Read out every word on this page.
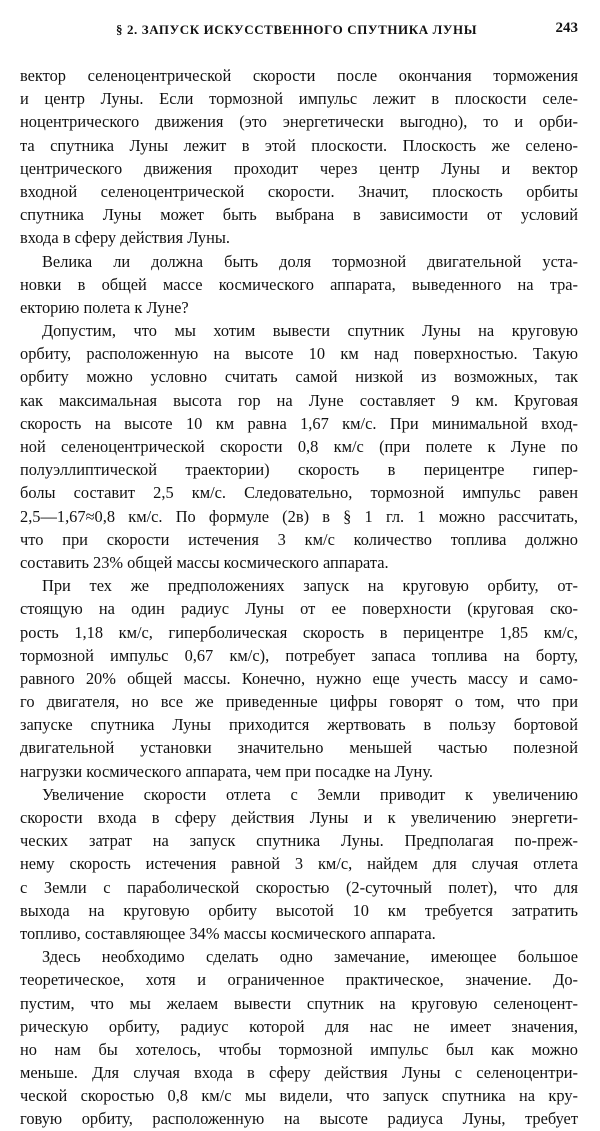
§ 2. ЗАПУСК ИСКУССТВЕННОГО СПУТНИКА ЛУНЫ	243
вектор селеноцентрической скорости после окончания торможения
и центр Луны. Если тормозной импульс лежит в плоскости селе-
ноцентрического движения (это энергетически выгодно), то и орби-
та спутника Луны лежит в этой плоскости. Плоскость же селено-
центрического движения проходит через центр Луны и вектор
входной селеноцентрической скорости. Значит, плоскость орбиты
спутника Луны может быть выбрана в зависимости от условий
входа в сферу действия Луны.
Велика ли должна быть доля тормозной двигательной уста-
новки в общей массе космического аппарата, выведенного на тра-
екторию полета к Луне?
Допустим, что мы хотим вывести спутник Луны на круговую
орбиту, расположенную на высоте 10 км над поверхностью. Такую
орбиту можно условно считать самой низкой из возможных, так
как максимальная высота гор на Луне составляет 9 км. Круговая
скорость на высоте 10 км равна 1,67 км/с. При минимальной вход-
ной селеноцентрической скорости 0,8 км/с (при полете к Луне по
полуэллиптической траектории) скорость в перицентре гипер-
болы составит 2,5 км/с. Следовательно, тормозной импульс равен
2,5—1,67≈0,8 км/с. По формуле (2в) в § 1 гл. 1 можно рассчитать,
что при скорости истечения 3 км/с количество топлива должно
составить 23% общей массы космического аппарата.
При тех же предположениях запуск на круговую орбиту, от-
стоящую на один радиус Луны от ее поверхности (круговая ско-
рость 1,18 км/с, гиперболическая скорость в перицентре 1,85 км/с,
тормозной импульс 0,67 км/с), потребует запаса топлива на борту,
равного 20% общей массы. Конечно, нужно еще учесть массу и само-
го двигателя, но все же приведенные цифры говорят о том, что при
запуске спутника Луны приходится жертвовать в пользу бортовой
двигательной установки значительно меньшей частью полезной
нагрузки космического аппарата, чем при посадке на Луну.
Увеличение скорости отлета с Земли приводит к увеличению
скорости входа в сферу действия Луны и к увеличению энергети-
ческих затрат на запуск спутника Луны. Предполагая по-преж-
нему скорость истечения равной 3 км/с, найдем для случая отлета
с Земли с параболической скоростью (2-суточный полет), что для
выхода на круговую орбиту высотой 10 км требуется затратить
топливо, составляющее 34% массы космического аппарата.
Здесь необходимо сделать одно замечание, имеющее большое
теоретическое, хотя и ограниченное практическое, значение. До-
пустим, что мы желаем вывести спутник на круговую селеноцент-
рическую орбиту, радиус которой для нас не имеет значения,
но нам бы хотелось, чтобы тормозной импульс был как можно
меньше. Для случая входа в сферу действия Луны с селеноцентри-
ческой скоростью 0,8 км/с мы видели, что запуск спутника на кру-
говую орбиту, расположенную на высоте радиуса Луны, требует
